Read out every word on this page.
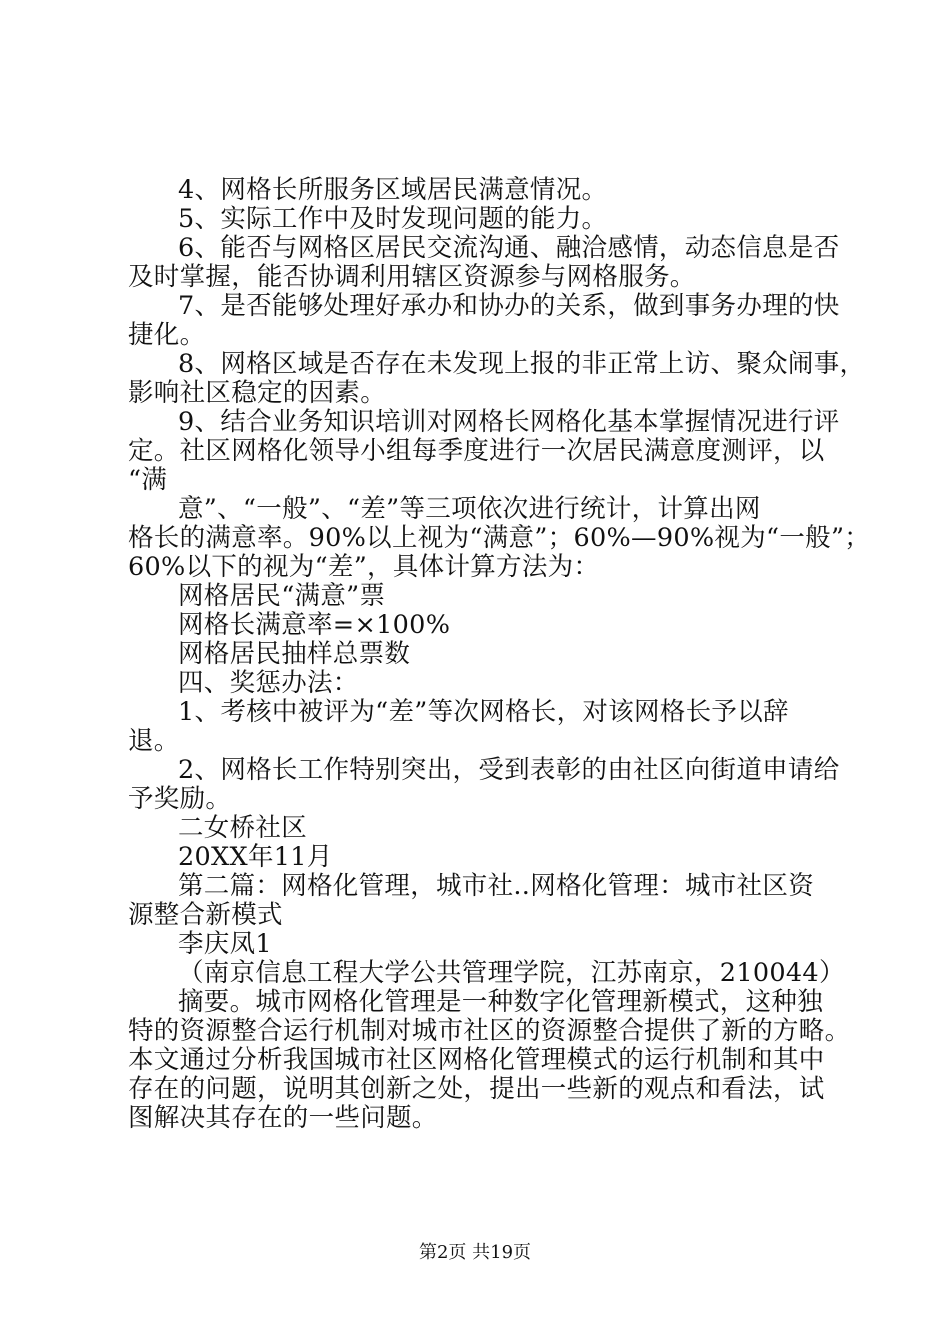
4、网格长所服务区域居民满意情况。
5、实际工作中及时发现问题的能力。
6、能否与网格区居民交流沟通、融洽感情，动态信息是否
及时掌握，能否协调利用辖区资源参与网格服务。
7、是否能够处理好承办和协办的关系，做到事务办理的快
捷化。
8、网格区域是否存在未发现上报的非正常上访、聚众闹事，
影响社区稳定的因素。
9、结合业务知识培训对网格长网格化基本掌握情况进行评
定。社区网格化领导小组每季度进行一次居民满意度测评，以
“满
意”、“一般”、“差”等三项依次进行统计，计算出网
格长的满意率。90%以上视为“满意”；60%—90%视为“一般”；
60%以下的视为“差”，具体计算方法为：
网格居民“满意”票
网格长满意率=×100%
网格居民抽样总票数
四、奖惩办法：
1、考核中被评为“差”等次网格长，对该网格长予以辞
退。
2、网格长工作特别突出，受到表彰的由社区向街道申请给
予奖励。
二女桥社区
20XX年11月
第二篇：网格化管理，城市社..网格化管理：城市社区资
源整合新模式
李庆凤1
（南京信息工程大学公共管理学院，江苏南京，210044）
摘要。城市网格化管理是一种数字化管理新模式，这种独
特的资源整合运行机制对城市社区的资源整合提供了新的方略。
本文通过分析我国城市社区网格化管理模式的运行机制和其中
存在的问题，说明其创新之处，提出一些新的观点和看法，试
图解决其存在的一些问题。
第2页 共19页
